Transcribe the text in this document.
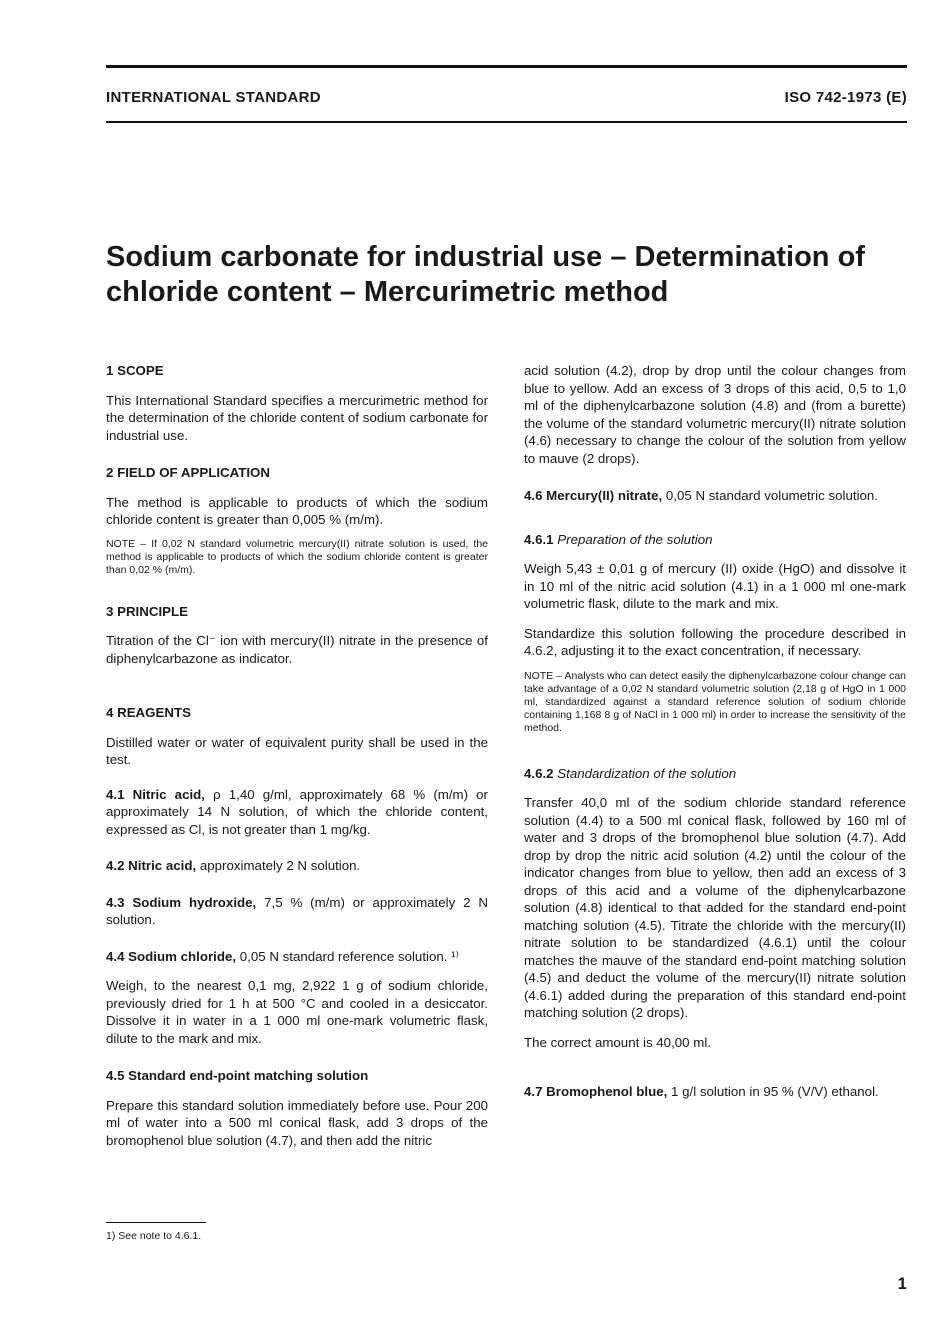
INTERNATIONAL STANDARD	ISO 742-1973 (E)
Sodium carbonate for industrial use – Determination of
chloride content – Mercurimetric method

1 SCOPE

This International Standard specifies a mercurimetric method for the determination of the chloride content of sodium carbonate for industrial use.

2 FIELD OF APPLICATION

The method is applicable to products of which the sodium chloride content is greater than 0,005 % (m/m).

NOTE – If 0,02 N standard volumetric mercury(II) nitrate solution is used, the method is applicable to products of which the sodium chloride content is greater than 0,02 % (m/m).

3 PRINCIPLE

Titration of the Cl⁻ ion with mercury(II) nitrate in the presence of diphenylcarbazone as indicator.

4 REAGENTS

Distilled water or water of equivalent purity shall be used in the test.

4.1 Nitric acid, ρ 1,40 g/ml, approximately 68 % (m/m) or approximately 14 N solution, of which the chloride content, expressed as Cl, is not greater than 1 mg/kg.

4.2 Nitric acid, approximately 2 N solution.

4.3 Sodium hydroxide, 7,5 % (m/m) or approximately 2 N solution.

4.4 Sodium chloride, 0,05 N standard reference solution. ¹⁾

Weigh, to the nearest 0,1 mg, 2,922 1 g of sodium chloride, previously dried for 1 h at 500 °C and cooled in a desiccator. Dissolve it in water in a 1 000 ml one-mark volumetric flask, dilute to the mark and mix.

4.5 Standard end-point matching solution

Prepare this standard solution immediately before use. Pour 200 ml of water into a 500 ml conical flask, add 3 drops of the bromophenol blue solution (4.7), and then add the nitric

acid solution (4.2), drop by drop until the colour changes from blue to yellow. Add an excess of 3 drops of this acid, 0,5 to 1,0 ml of the diphenylcarbazone solution (4.8) and (from a burette) the volume of the standard volumetric mercury(II) nitrate solution (4.6) necessary to change the colour of the solution from yellow to mauve (2 drops).

4.6 Mercury(II) nitrate, 0,05 N standard volumetric solution.

4.6.1 Preparation of the solution

Weigh 5,43 ± 0,01 g of mercury (II) oxide (HgO) and dissolve it in 10 ml of the nitric acid solution (4.1) in a 1 000 ml one-mark volumetric flask, dilute to the mark and mix.

Standardize this solution following the procedure described in 4.6.2, adjusting it to the exact concentration, if necessary.

NOTE – Analysts who can detect easily the diphenylcarbazone colour change can take advantage of a 0,02 N standard volumetric solution (2,18 g of HgO in 1 000 ml, standardized against a standard reference solution of sodium chloride containing 1,168 8 g of NaCl in 1 000 ml) in order to increase the sensitivity of the method.

4.6.2 Standardization of the solution

Transfer 40,0 ml of the sodium chloride standard reference solution (4.4) to a 500 ml conical flask, followed by 160 ml of water and 3 drops of the bromophenol blue solution (4.7). Add drop by drop the nitric acid solution (4.2) until the colour of the indicator changes from blue to yellow, then add an excess of 3 drops of this acid and a volume of the diphenylcarbazone solution (4.8) identical to that added for the standard end-point matching solution (4.5). Titrate the chloride with the mercury(II) nitrate solution to be standardized (4.6.1) until the colour matches the mauve of the standard end-point matching solution (4.5) and deduct the volume of the mercury(II) nitrate solution (4.6.1) added during the preparation of this standard end-point matching solution (2 drops).

The correct amount is 40,00 ml.

4.7 Bromophenol blue, 1 g/l solution in 95 % (V/V) ethanol.

1) See note to 4.6.1.
1
